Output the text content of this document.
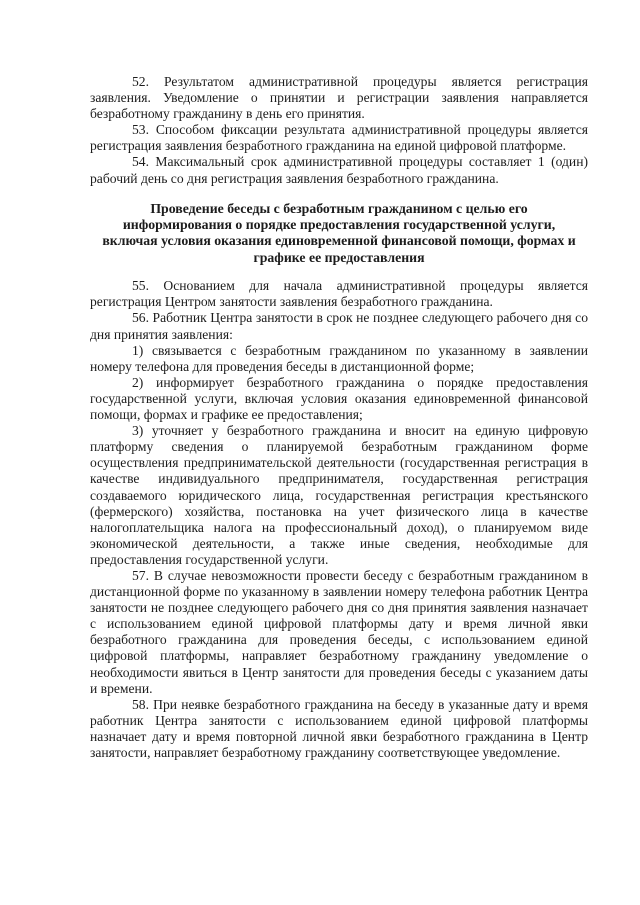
52. Результатом административной процедуры является регистрация заявления. Уведомление о принятии и регистрации заявления направляется безработному гражданину в день его принятия.

53. Способом фиксации результата административной процедуры является регистрация заявления безработного гражданина на единой цифровой платформе.

54. Максимальный срок административной процедуры составляет 1 (один) рабочий день со дня регистрация заявления безработного гражданина.

Проведение беседы с безработным гражданином с целью его информирования о порядке предоставления государственной услуги, включая условия оказания единовременной финансовой помощи, формах и графике ее предоставления

55. Основанием для начала административной процедуры является регистрация Центром занятости заявления безработного гражданина.

56. Работник Центра занятости в срок не позднее следующего рабочего дня со дня принятия заявления:

1) связывается с безработным гражданином по указанному в заявлении номеру телефона для проведения беседы в дистанционной форме;

2) информирует безработного гражданина о порядке предоставления государственной услуги, включая условия оказания единовременной финансовой помощи, формах и графике ее предоставления;

3) уточняет у безработного гражданина и вносит на единую цифровую платформу сведения о планируемой безработным гражданином форме осуществления предпринимательской деятельности (государственная регистрация в качестве индивидуального предпринимателя, государственная регистрация создаваемого юридического лица, государственная регистрация крестьянского (фермерского) хозяйства, постановка на учет физического лица в качестве налогоплательщика налога на профессиональный доход), о планируемом виде экономической деятельности, а также иные сведения, необходимые для предоставления государственной услуги.

57. В случае невозможности провести беседу с безработным гражданином в дистанционной форме по указанному в заявлении номеру телефона работник Центра занятости не позднее следующего рабочего дня со дня принятия заявления назначает с использованием единой цифровой платформы дату и время личной явки безработного гражданина для проведения беседы, с использованием единой цифровой платформы, направляет безработному гражданину уведомление о необходимости явиться в Центр занятости для проведения беседы с указанием даты и времени.

58. При неявке безработного гражданина на беседу в указанные дату и время работник Центра занятости с использованием единой цифровой платформы назначает дату и время повторной личной явки безработного гражданина в Центр занятости, направляет безработному гражданину соответствующее уведомление.
